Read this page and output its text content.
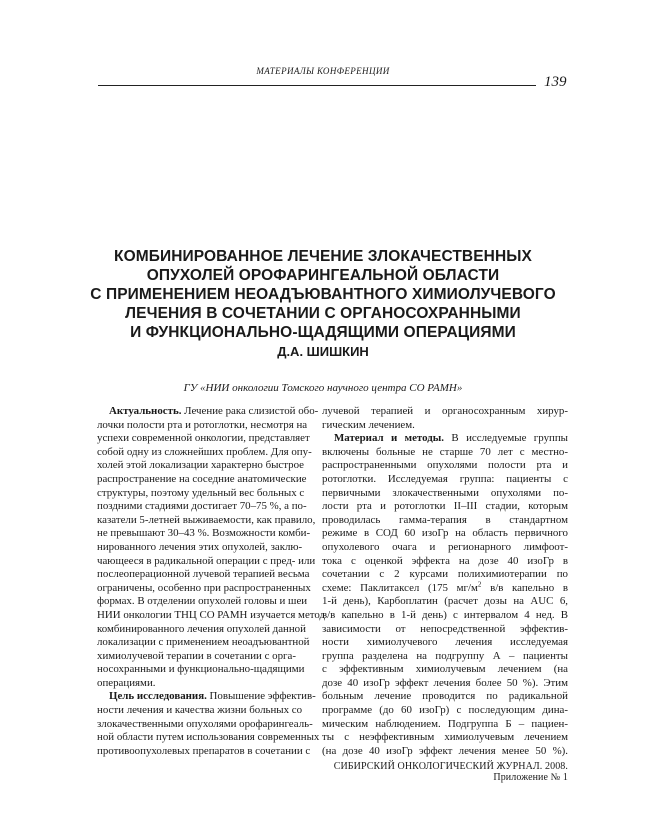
МАТЕРИАЛЫ КОНФЕРЕНЦИИ
139
КОМБИНИРОВАННОЕ ЛЕЧЕНИЕ ЗЛОКАЧЕСТВЕННЫХ
ОПУХОЛЕЙ ОРОФАРИНГЕАЛЬНОЙ ОБЛАСТИ
С ПРИМЕНЕНИЕМ НЕОАДЪЮВАНТНОГО ХИМИОЛУЧЕВОГО
ЛЕЧЕНИЯ В СОЧЕТАНИИ С ОРГАНОСОХРАННЫМИ
И ФУНКЦИОНАЛЬНО-ЩАДЯЩИМИ ОПЕРАЦИЯМИ
Д.А. ШИШКИН
ГУ «НИИ онкологии Томского научного центра СО РАМН»
Актуальность. Лечение рака слизистой обо-
лочки полости рта и ротоглотки, несмотря на
успехи современной онкологии, представляет
собой одну из сложнейших проблем. Для опу-
холей этой локализации характерно быстрое
распространение на соседние анатомические
структуры, поэтому удельный вес больных с
поздними стадиями достигает 70–75 %, а по-
казатели 5-летней выживаемости, как правило,
не превышают 30–43 %. Возможности комби-
нированного лечения этих опухолей, заклю-
чающееся в радикальной операции с пред- или
послеоперационной лучевой терапией весьма
ограничены, особенно при распространенных
формах. В отделении опухолей головы и шеи
НИИ онкологии ТНЦ СО РАМН изучается метод
комбинированного лечения опухолей данной
локализации с применением неоадъювантной
химиолучевой терапии в сочетании с орга-
носохранными и функционально-щадящими
операциями.
Цель исследования. Повышение эффектив-
ности лечения и качества жизни больных со
злокачественными опухолями орофарингеаль-
ной области путем использования современных
противоопухолевых препаратов в сочетании с
лучевой терапией и органосохранным хирур-
гическим лечением.
Материал и методы. В исследуемые группы
включены больные не старше 70 лет с местно-
распространенными опухолями полости рта и
ротоглотки. Исследуемая группа: пациенты с
первичными злокачественными опухолями по-
лости рта и ротоглотки II–III стадии, которым
проводилась гамма-терапия в стандартном
режиме в СОД 60 изоГр на область первичного
опухолевого очага и регионарного лимфоот-
тока с оценкой эффекта на дозе 40 изоГр в
сочетании с 2 курсами полихимиотерапии по
схеме: Паклитаксел (175 $мг/м^2$ в/в капельно в
1-й день), Карбоплатин (расчет дозы на AUC 6,
в/в капельно в 1-й день) с интервалом 4 нед. В
зависимости от непосредственной эффектив-
ности химиолучевого лечения исследуемая
группа разделена на подгруппу А – пациенты
с эффективным химиолучевым лечением (на
дозе 40 изоГр эффект лечения более 50 %). Этим
больным лечение проводится по радикальной
программе (до 60 изоГр) с последующим дина-
мическим наблюдением. Подгруппа Б – пациен-
ты с неэффективным химиолучевым лечением
(на дозе 40 изоГр эффект лечения менее 50 %).
СИБИРСКИЙ ОНКОЛОГИЧЕСКИЙ ЖУРНАЛ. 2008. Приложение № 1
